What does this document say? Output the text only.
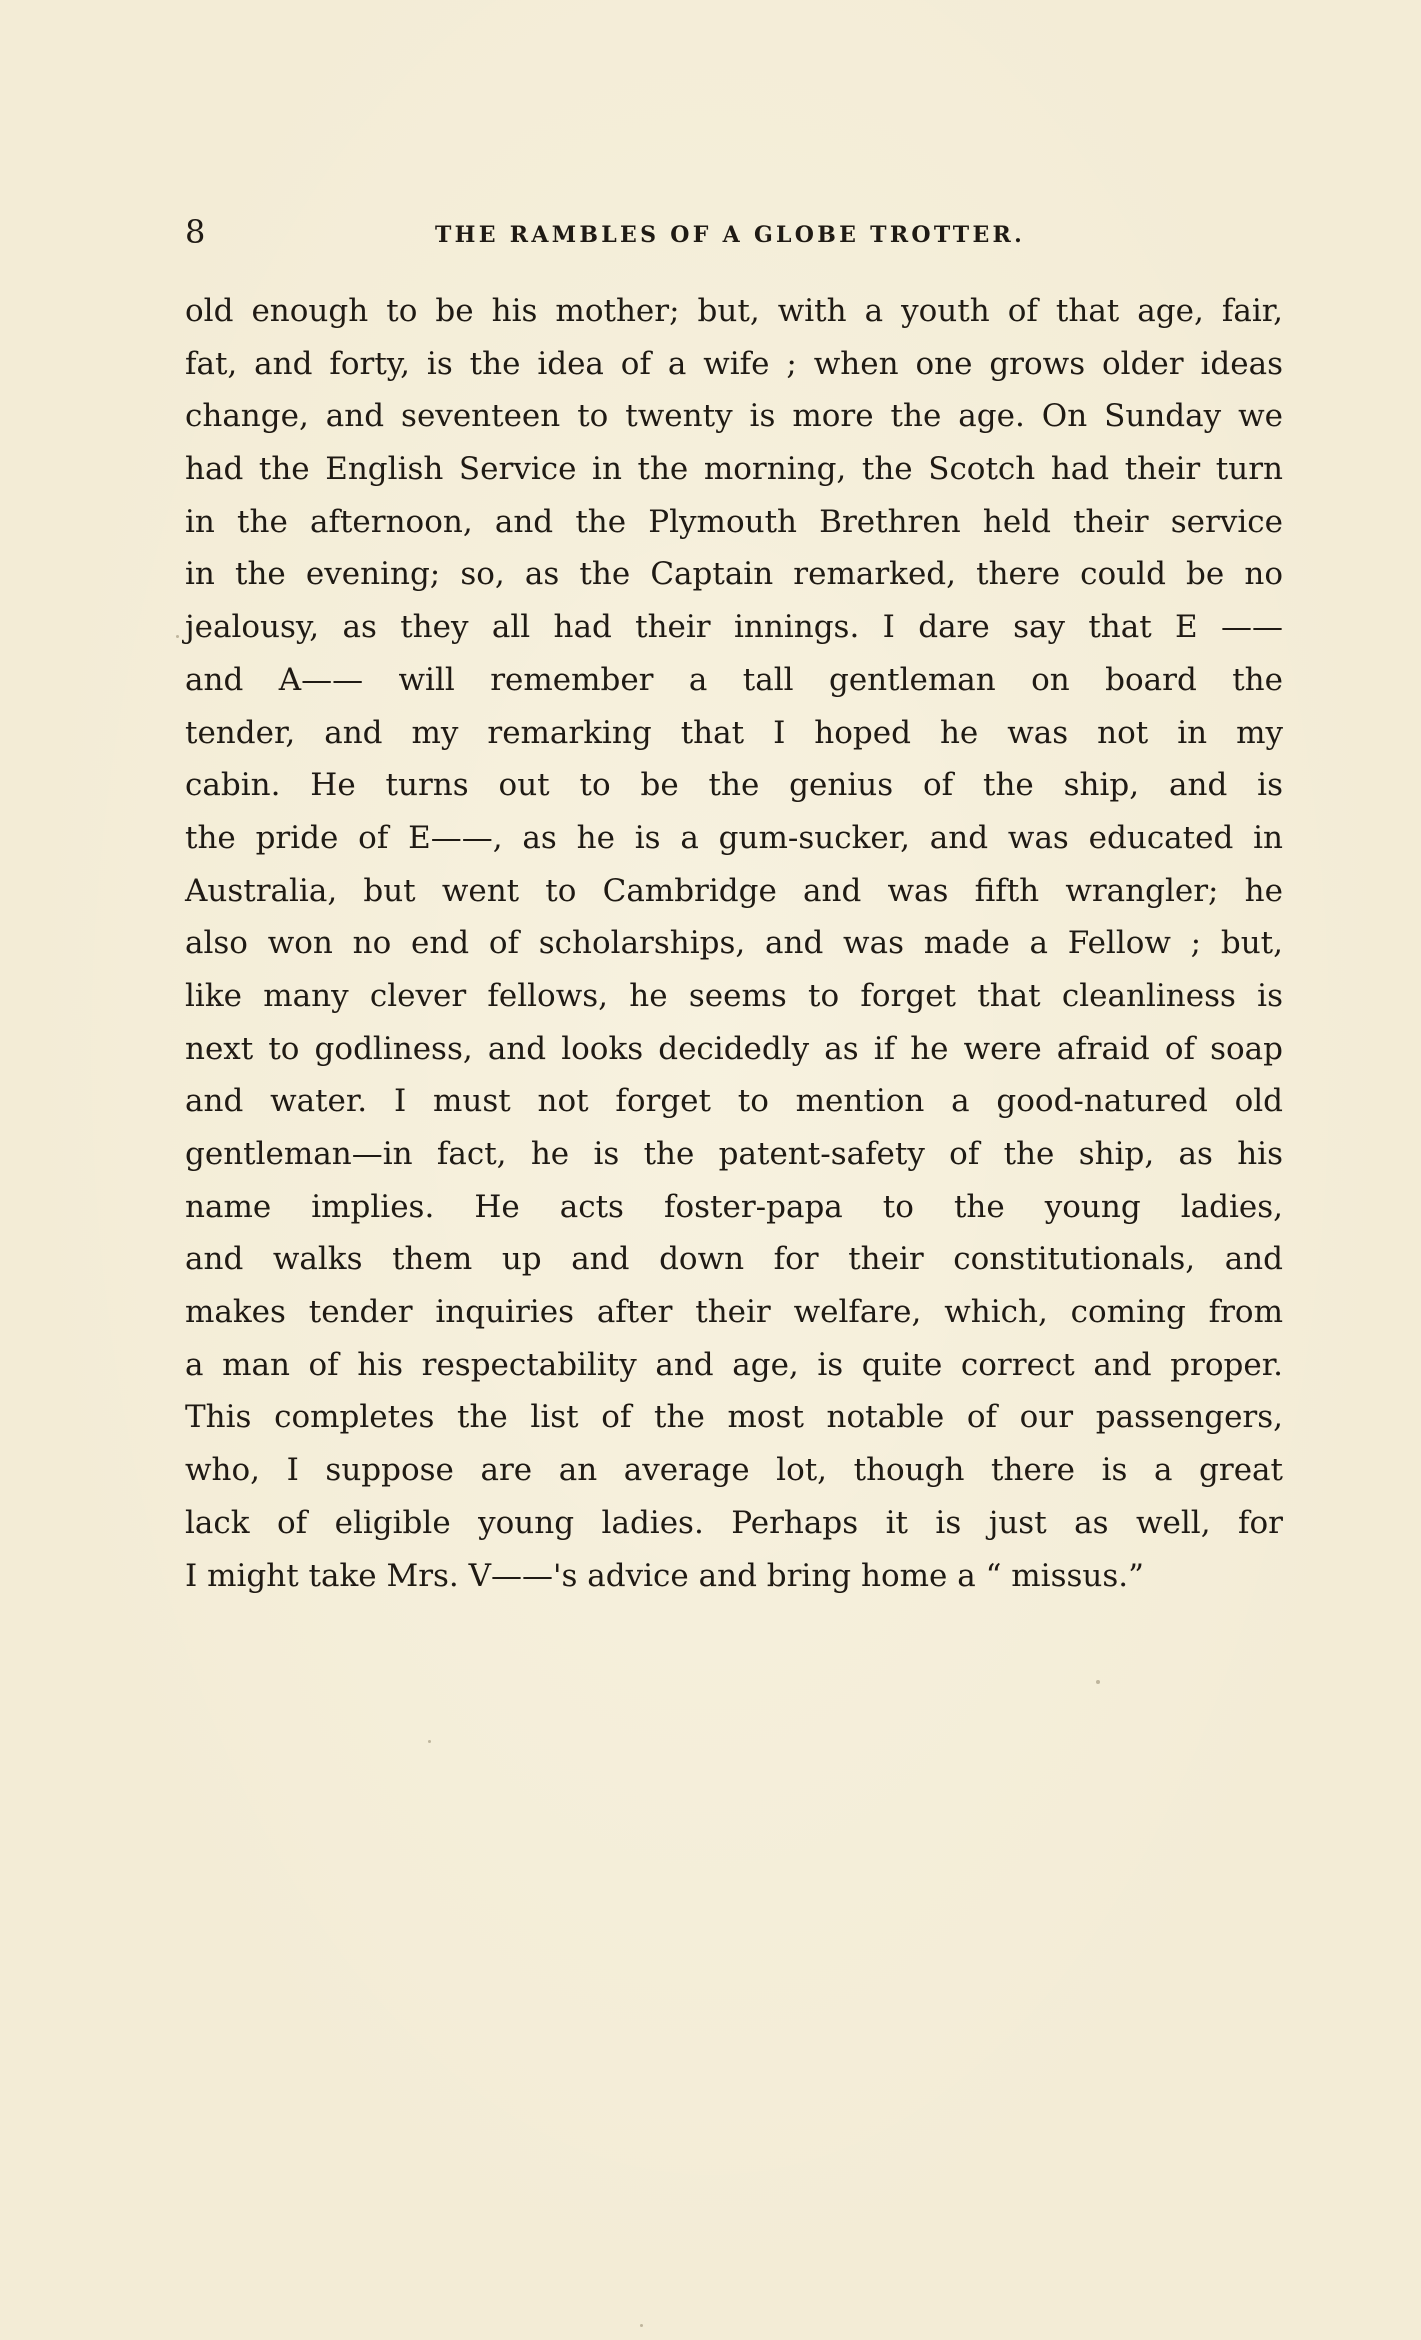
8	THE RAMBLES OF A GLOBE TROTTER.
old enough to be his mother; but, with a youth of that age, fair,
fat, and forty, is the idea of a wife ; when one grows older ideas
change, and seventeen to twenty is more the age. On Sunday we
had the English Service in the morning, the Scotch had their turn
in the afternoon, and the Plymouth Brethren held their service
in the evening; so, as the Captain remarked, there could be no
jealousy, as they all had their innings. I dare say that E ——
and A—— will remember a tall gentleman on board the
tender, and my remarking that I hoped he was not in my
cabin. He turns out to be the genius of the ship, and is
the pride of E——, as he is a gum-sucker, and was educated in
Australia, but went to Cambridge and was fifth wrangler; he
also won no end of scholarships, and was made a Fellow ; but,
like many clever fellows, he seems to forget that cleanliness is
next to godliness, and looks decidedly as if he were afraid of soap
and water. I must not forget to mention a good-natured old
gentleman—in fact, he is the patent-safety of the ship, as his
name implies. He acts foster-papa to the young ladies,
and walks them up and down for their constitutionals, and
makes tender inquiries after their welfare, which, coming from
a man of his respectability and age, is quite correct and proper.
This completes the list of the most notable of our passengers,
who, I suppose are an average lot, though there is a great
lack of eligible young ladies. Perhaps it is just as well, for
I might take Mrs. V——'s advice and bring home a “ missus.”
